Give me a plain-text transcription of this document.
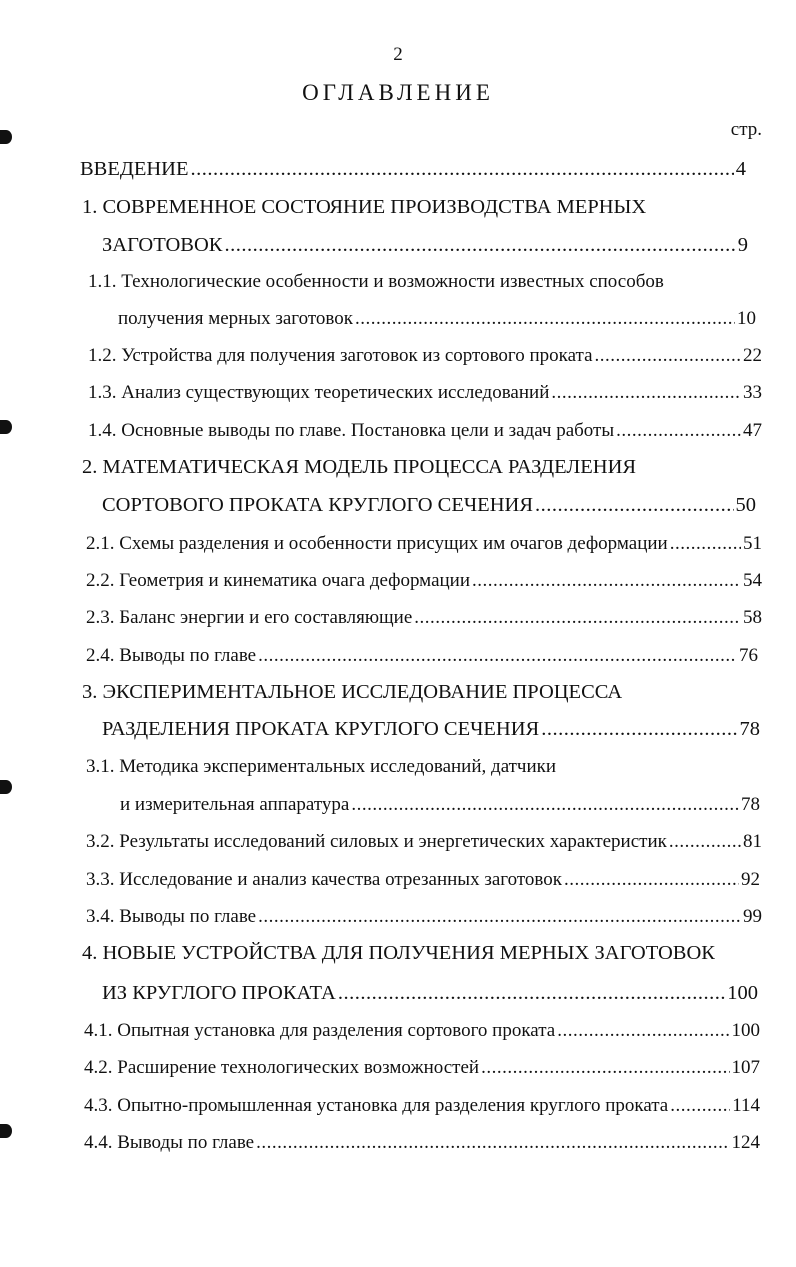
2
ОГЛАВЛЕНИЕ
стр.
ВВЕДЕНИЕ .....	4
1. СОВРЕМЕННОЕ СОСТОЯНИЕ ПРОИЗВОДСТВА МЕРНЫХ
ЗАГОТОВОК .....	9
1.1. Технологические особенности и возможности известных способов
получения мерных заготовок .....	10
1.2. Устройства для получения заготовок из сортового проката .....	22
1.3. Анализ существующих теоретических исследований .....	33
1.4. Основные выводы по главе. Постановка цели и задач работы .....	47
2. МАТЕМАТИЧЕСКАЯ МОДЕЛЬ ПРОЦЕССА РАЗДЕЛЕНИЯ
СОРТОВОГО ПРОКАТА КРУГЛОГО СЕЧЕНИЯ .....	50
2.1. Схемы разделения и особенности присущих им очагов деформации .....	51
2.2. Геометрия и кинематика очага деформации .....	54
2.3. Баланс энергии и его составляющие .....	58
2.4. Выводы по главе .....	76
3. ЭКСПЕРИМЕНТАЛЬНОЕ ИССЛЕДОВАНИЕ ПРОЦЕССА
РАЗДЕЛЕНИЯ ПРОКАТА КРУГЛОГО СЕЧЕНИЯ .....	78
3.1. Методика экспериментальных исследований, датчики
и измерительная аппаратура .....	78
3.2. Результаты исследований силовых и энергетических характеристик .....	81
3.3. Исследование и анализ качества отрезанных заготовок .....	92
3.4. Выводы по главе .....	99
4. НОВЫЕ УСТРОЙСТВА ДЛЯ ПОЛУЧЕНИЯ МЕРНЫХ ЗАГОТОВОК
ИЗ КРУГЛОГО ПРОКАТА .....	100
4.1. Опытная установка для разделения сортового проката .....	100
4.2. Расширение технологических возможностей .....	107
4.3. Опытно-промышленная установка для разделения круглого проката .....	114
4.4. Выводы по главе .....	124
